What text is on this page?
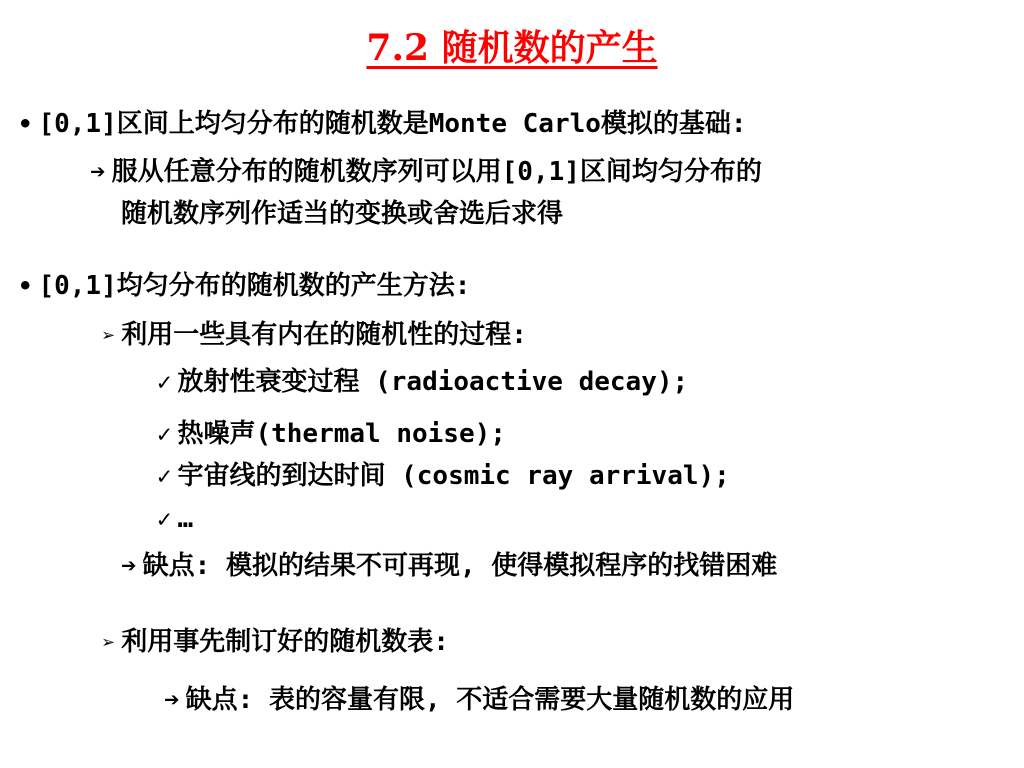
7.2 随机数的产生
• [0,1]区间上均匀分布的随机数是Monte Carlo模拟的基础:
➔ 服从任意分布的随机数序列可以用[0,1]区间均匀分布的
随机数序列作适当的变换或舍选后求得
• [0,1]均匀分布的随机数的产生方法:
➢ 利用一些具有内在的随机性的过程:
✓ 放射性衰变过程 (radioactive decay);
✓ 热噪声(thermal noise);
✓ 宇宙线的到达时间 (cosmic ray arrival);
✓ …
➔ 缺点: 模拟的结果不可再现, 使得模拟程序的找错困难
➢ 利用事先制订好的随机数表:
➔ 缺点: 表的容量有限, 不适合需要大量随机数的应用
